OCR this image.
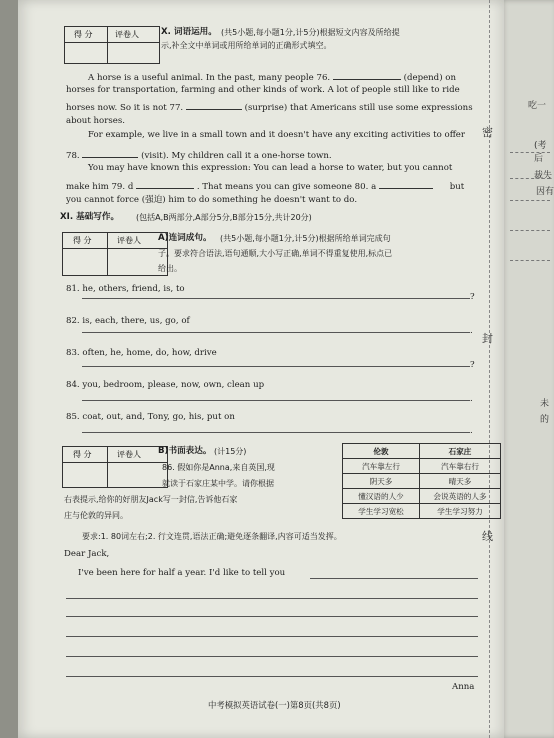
吃一
(考后
裁失
因有
未
的
得 分	评卷人	X. 词语运用。 (共5小题,每小题1分,计5分)根据短文内容及所给提
示,补全文中单词或用所给单词的正确形式填空。
A horse is a useful animal. In the past, many people 76.	(depend) on
horses for transportation, farming and other kinds of work. A lot of people still like to ride
horses now. So it is not 77.	(surprise) that Americans still use some expressions
about horses.
For example, we live in a small town and it doesn't have any exciting activities to offer
78.	(visit). My children call it a one-horse town.
You may have known this expression: You can lead a horse to water, but you cannot
make him 79. d	. That means you can give someone 80. a	but
you cannot force (强迫) him to do something he doesn't want to do.
XI. 基础写作。 (包括A,B两部分,A部分5分,B部分15分,共计20分)
得 分	评卷人 A)连词成句。 (共5小题,每小题1分,计5分)根据所给单词完成句
子。要求符合语法,语句通顺,大小写正确,单词不得重复使用,标点已
给出。
81. he, others, friend, is, to
?
82. is, each, there, us, go, of
.
83. often, he, home, do, how, drive
?
84. you, bedroom, please, now, own, clean up
.
85. coat, out, and, Tony, go, his, put on
.
得 分	评卷人 B)书面表达。 (计15分)
86. 假如你是Anna,来自英国,现
就读于石家庄某中学。请你根据
右表提示,给你的好朋友Jack写一封信,告诉他石家
庄与伦敦的异同。
伦敦	石家庄
汽车靠左行	汽车靠右行
阴天多	晴天多
懂汉语的人少	会说英语的人多
学生学习宽松	学生学习努力
要求:1. 80词左右;2. 行文连贯,语法正确;避免逐条翻译,内容可适当发挥。
Dear Jack,
I've been here for half a year. I'd like to tell you
Anna
中考模拟英语试卷(一)第8页(共8页)
密
封
线
